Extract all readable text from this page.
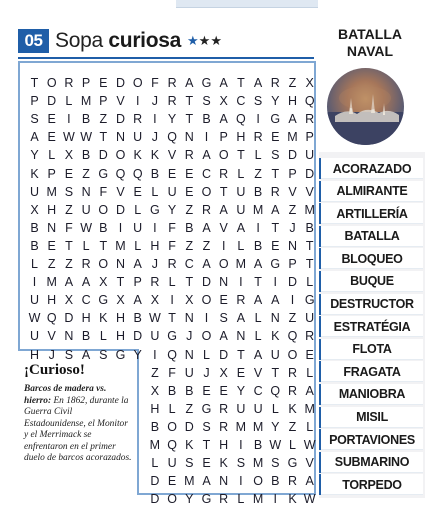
05 Sopa curiosa ★★★
T O R P E D O F R A G A T A R Z X
P D L M P V I J R T S X C S Y H Q
S E I B Z D R I Y T B A Q I G A R
A E W W T N U J Q N I P H R E M P
Y L X B D O K K V R A O T L S D U
K P E Z G Q Q B E E C R L Z T P D
U M S N F V E L U E O T U B R V V
X H Z U O D L G Y Z R A U M A Z M
B N F W B I U I F B A V A I T J B
B E T L T M L H F Z Z I L B E N T
L Z Z R O N A J R C A O M A G P T
I M A A X T P R L T D N I T I D L
U H X C G X A X I X O E R A A I G
W Q D H K H B W T N I S A L N Z U
U V N B L H D U G J O A N L K Q R
H J S A S G Y I Q N L D T A U O E
Z F U J X E V T R L
X B B E E Y C Q R A
H L Z G R U U L K M
B O D S R M M Y Z L
M Q K T H I B W L W
L U S E K S M S G V
D E M A N I O B R A
D O Y G R L M I K W
¡Curioso!
Barcos de madera vs. hierro: En 1862, durante la Guerra Civil Estadounidense, el Monitor y el Merrimack se enfrentaron en el primer duelo de barcos acorazados.
BATALLA NAVAL
ACORAZADO
ALMIRANTE
ARTILLERÍA
BATALLA
BLOQUEO
BUQUE
DESTRUCTOR
ESTRATÉGIA
FLOTA
FRAGATA
MANIOBRA
MISIL
PORTAVIONES
SUBMARINO
TORPEDO
